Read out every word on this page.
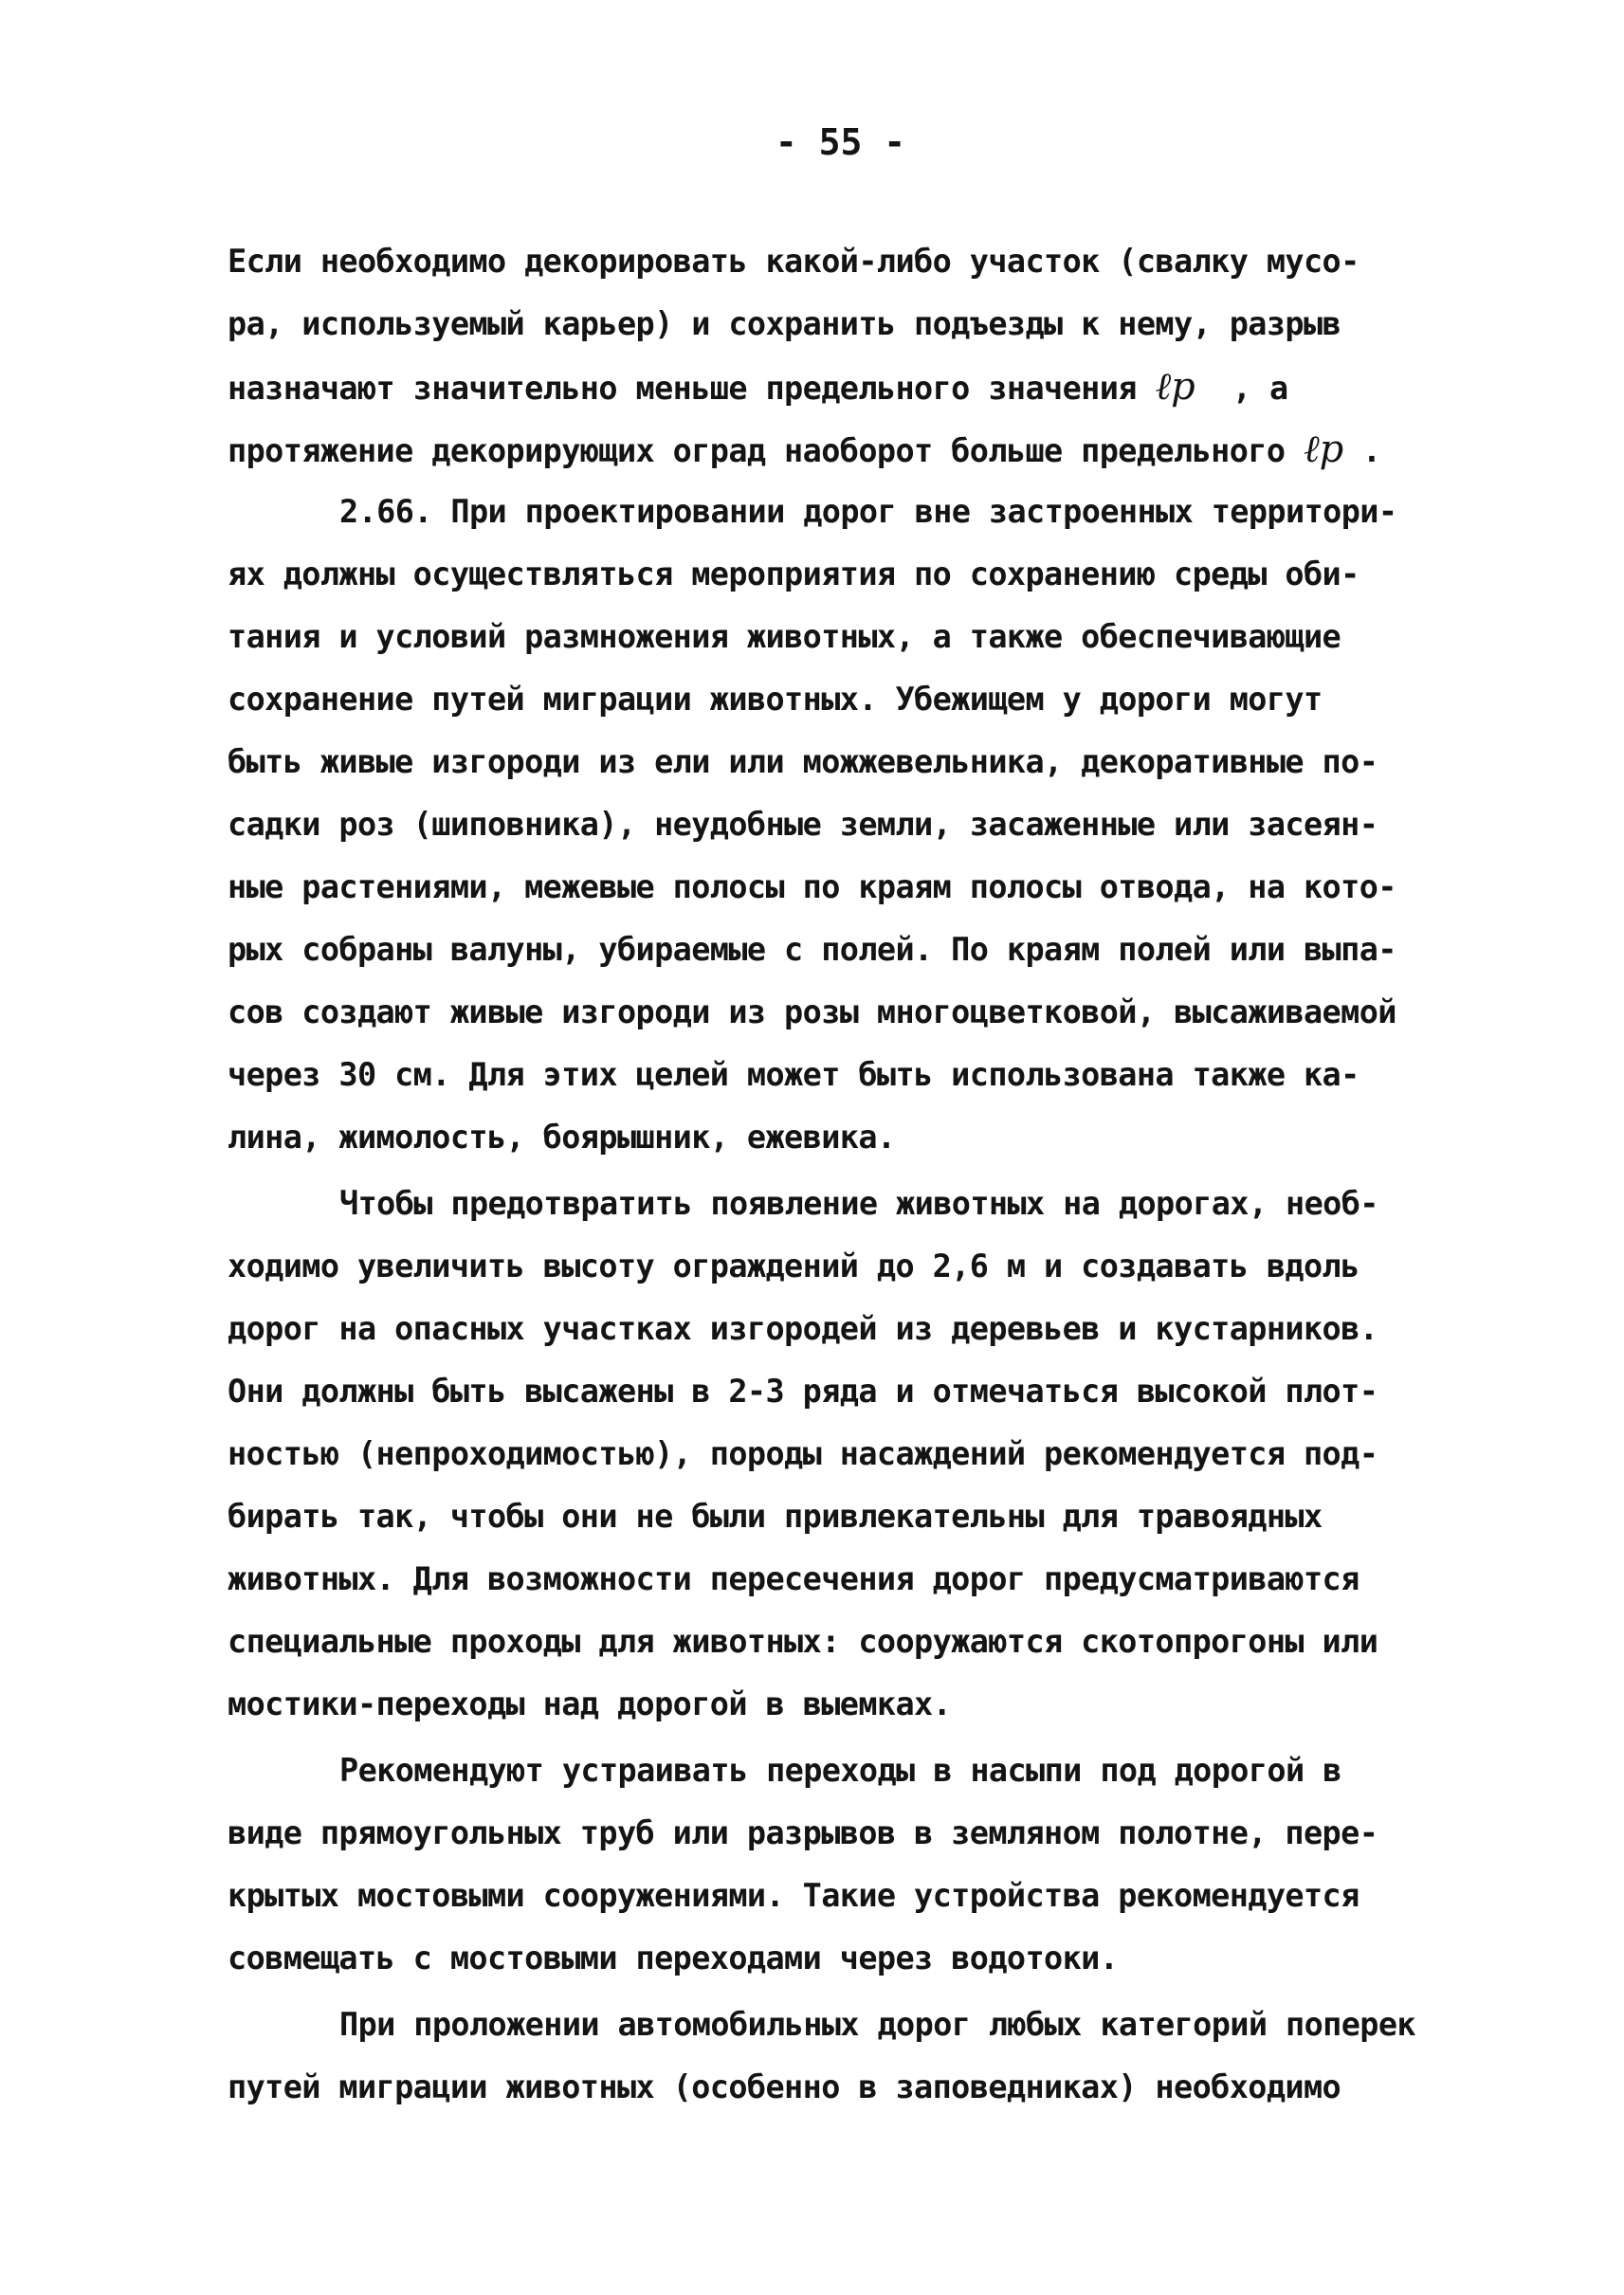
- 55 -
Если необходимо декорировать какой-либо участок (свалку мусо-
ра, используемый карьер) и сохранить подъезды к нему, разрыв
назначают значительно меньше предельного значения ℓр  , а
протяжение декорирующих оград наоборот больше предельного ℓр .
2.66. При проектировании дорог вне застроенных территори-
ях должны осуществляться мероприятия по сохранению среды оби-
тания и условий размножения животных, а также обеспечивающие
сохранение путей миграции животных. Убежищем у дороги могут
быть живые изгороди из ели или можжевельника, декоративные по-
садки роз (шиповника), неудобные земли, засаженные или засеян-
ные растениями, межевые полосы по краям полосы отвода, на кото-
рых собраны валуны, убираемые с полей. По краям полей или выпа-
сов создают живые изгороди из розы многоцветковой, высаживаемой
через 30 см. Для этих целей может быть использована также ка-
лина, жимолость, боярышник, ежевика.
Чтобы предотвратить появление животных на дорогах, необ-
ходимо увеличить высоту ограждений до 2,6 м и создавать вдоль
дорог на опасных участках изгородей из деревьев и кустарников.
Они должны быть высажены в 2-3 ряда и отмечаться высокой плот-
ностью (непроходимостью), породы насаждений рекомендуется под-
бирать так, чтобы они не были привлекательны для травоядных
животных. Для возможности пересечения дорог предусматриваются
специальные проходы для животных: сооружаются скотопрогоны или
мостики-переходы над дорогой в выемках.
Рекомендуют устраивать переходы в насыпи под дорогой в
виде прямоугольных труб или разрывов в земляном полотне, пере-
крытых мостовыми сооружениями. Такие устройства рекомендуется
совмещать с мостовыми переходами через водотоки.
При проложении автомобильных дорог любых категорий поперек
путей миграции животных (особенно в заповедниках) необходимо
